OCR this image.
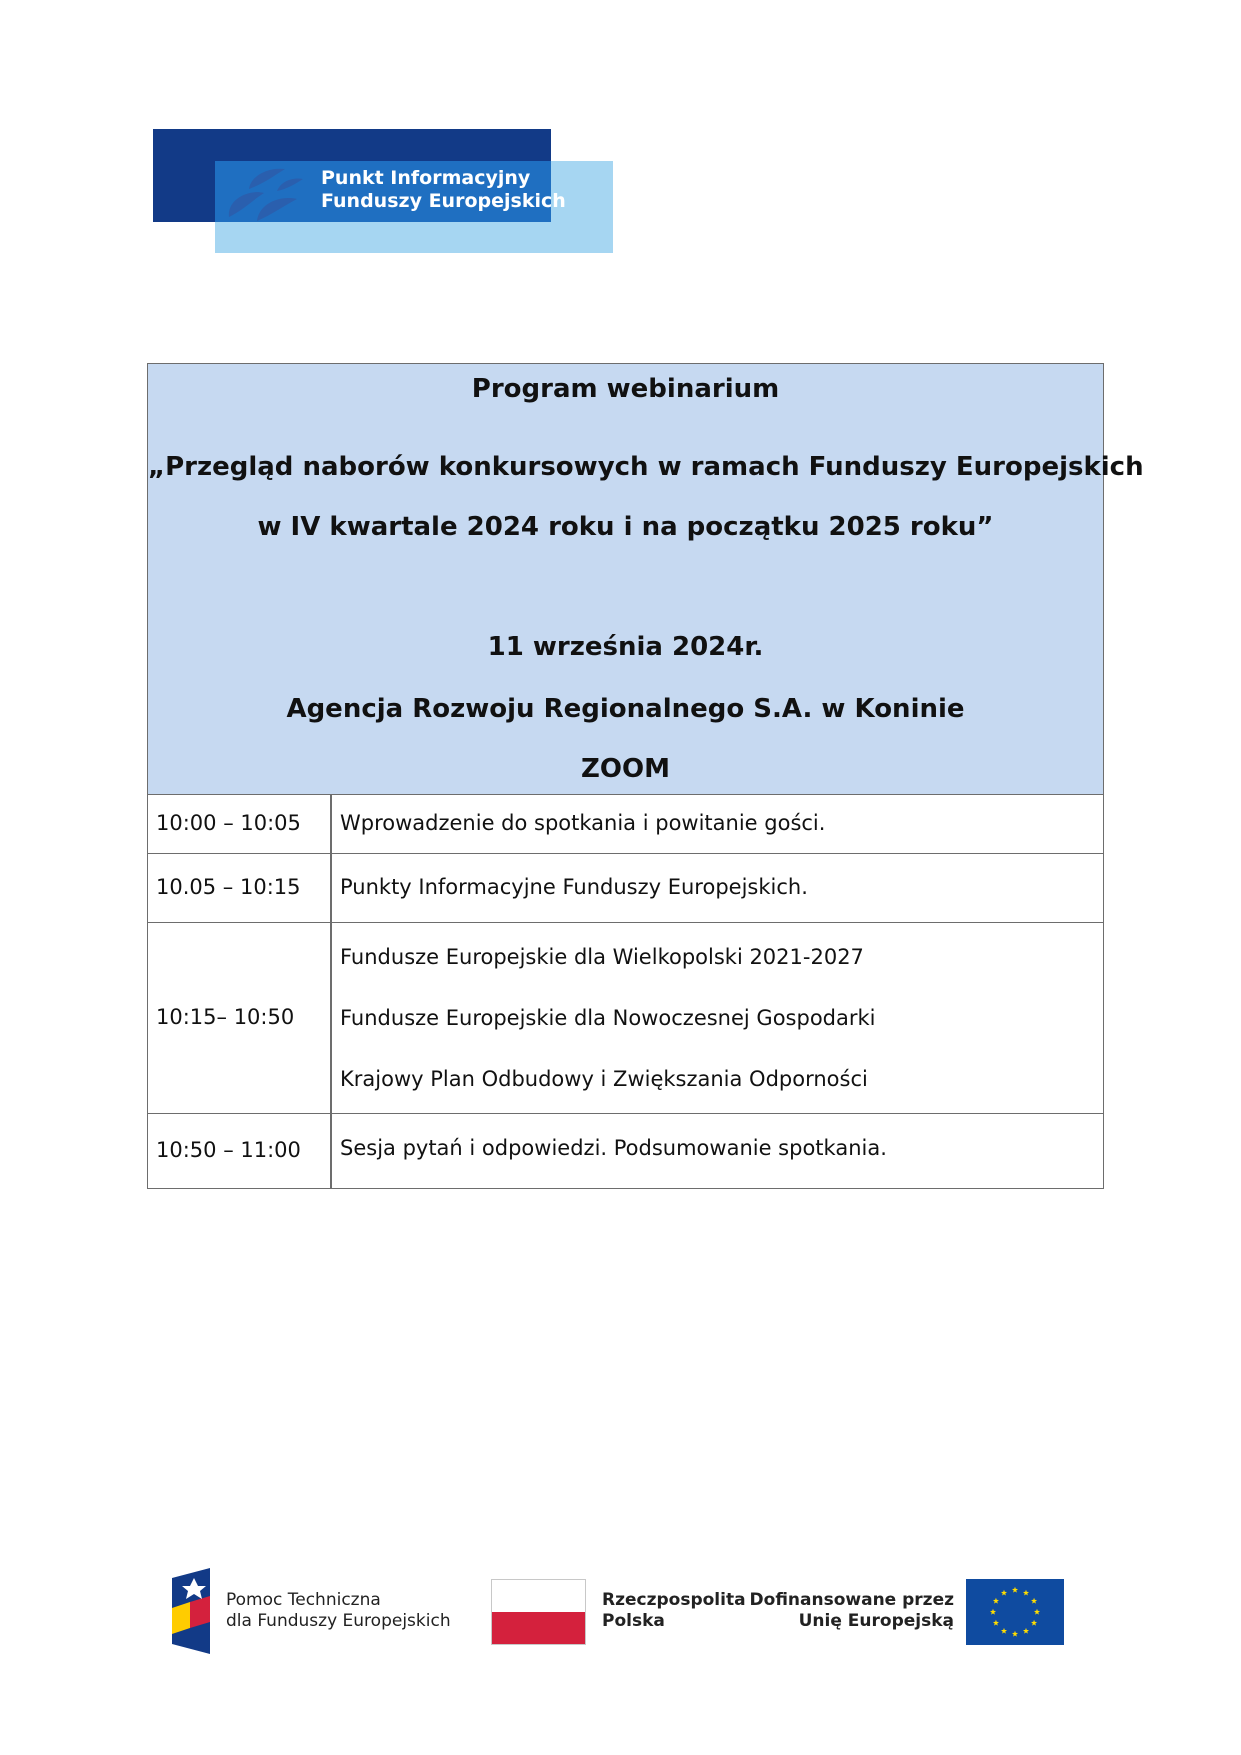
Punkt Informacyjny
Funduszy Europejskich
Program webinarium
„Przegląd naborów konkursowych w ramach Funduszy Europejskich
w IV kwartale 2024 roku i na początku 2025 roku”
11 września 2024r.
Agencja Rozwoju Regionalnego S.A. w Koninie
ZOOM
10:00 – 10:05 Wprowadzenie do spotkania i powitanie gości.
10.05 – 10:15 Punkty Informacyjne Funduszy Europejskich.
10:15– 10:50
Fundusze Europejskie dla Wielkopolski 2021-2027
Fundusze Europejskie dla Nowoczesnej Gospodarki
Krajowy Plan Odbudowy i Zwiększania Odporności
10:50 – 11:00 Sesja pytań i odpowiedzi. Podsumowanie spotkania.
Pomoc Techniczna
dla Funduszy Europejskich
Rzeczpospolita
Polska
Dofinansowane przez
Unię Europejską
